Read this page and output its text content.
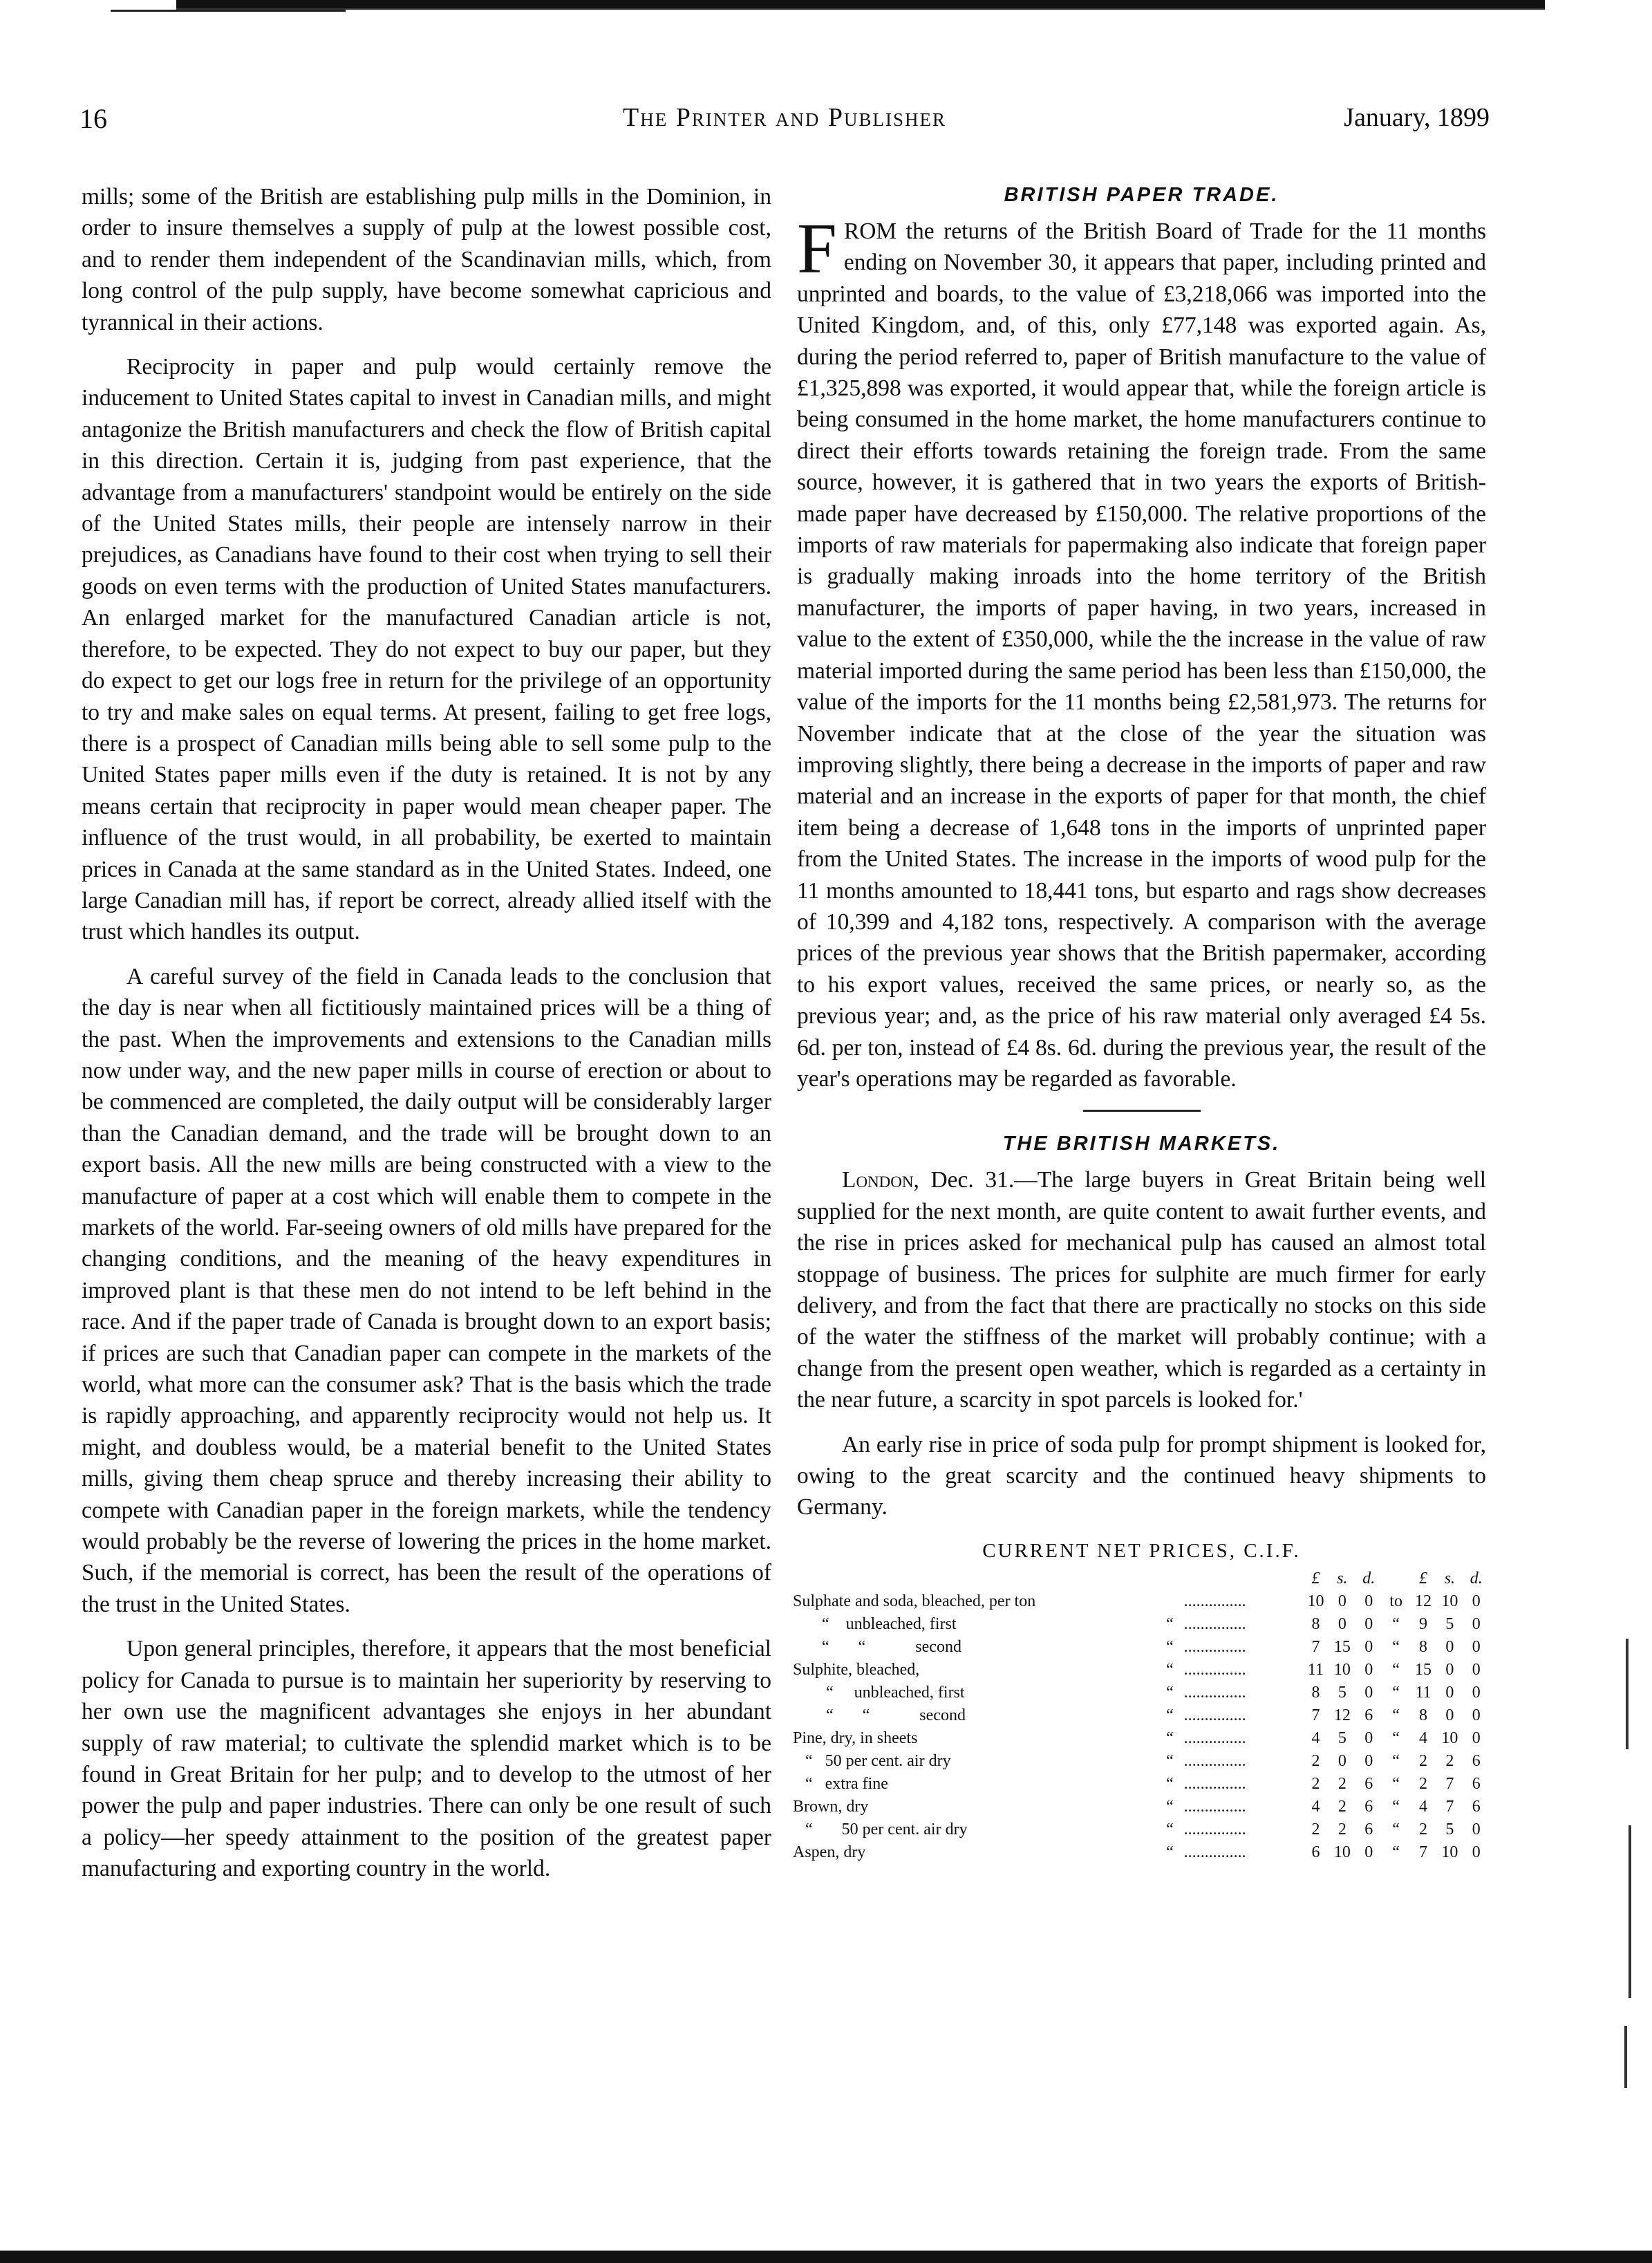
16	The Printer and Publisher	January, 1899

mills; some of the British are establishing pulp mills in the Dominion, in order to insure themselves a supply of pulp at the lowest possible cost, and to render them independent of the Scandinavian mills, which, from long control of the pulp supply, have become somewhat capricious and tyrannical in their actions.

Reciprocity in paper and pulp would certainly remove the inducement to United States capital to invest in Canadian mills, and might antagonize the British manufacturers and check the flow of British capital in this direction. Certain it is, judging from past experience, that the advantage from a manufacturers' standpoint would be entirely on the side of the United States mills, their people are intensely narrow in their prejudices, as Canadians have found to their cost when trying to sell their goods on even terms with the production of United States manufacturers. An enlarged market for the manufactured Canadian article is not, therefore, to be expected. They do not expect to buy our paper, but they do expect to get our logs free in return for the privilege of an opportunity to try and make sales on equal terms. At present, failing to get free logs, there is a prospect of Canadian mills being able to sell some pulp to the United States paper mills even if the duty is retained. It is not by any means certain that reciprocity in paper would mean cheaper paper. The influence of the trust would, in all probability, be exerted to maintain prices in Canada at the same standard as in the United States. Indeed, one large Canadian mill has, if report be correct, already allied itself with the trust which handles its output.

A careful survey of the field in Canada leads to the conclusion that the day is near when all fictitiously maintained prices will be a thing of the past. When the improvements and extensions to the Canadian mills now under way, and the new paper mills in course of erection or about to be commenced are completed, the daily output will be considerably larger than the Canadian demand, and the trade will be brought down to an export basis. All the new mills are being constructed with a view to the manufacture of paper at a cost which will enable them to compete in the markets of the world. Far-seeing owners of old mills have prepared for the changing conditions, and the meaning of the heavy expenditures in improved plant is that these men do not intend to be left behind in the race. And if the paper trade of Canada is brought down to an export basis; if prices are such that Canadian paper can compete in the markets of the world, what more can the consumer ask? That is the basis which the trade is rapidly approaching, and apparently reciprocity would not help us. It might, and doubless would, be a material benefit to the United States mills, giving them cheap spruce and thereby increasing their ability to compete with Canadian paper in the foreign markets, while the tendency would probably be the reverse of lowering the prices in the home market. Such, if the memorial is correct, has been the result of the operations of the trust in the United States.

Upon general principles, therefore, it appears that the most beneficial policy for Canada to pursue is to maintain her superiority by reserving to her own use the magnificent advantages she enjoys in her abundant supply of raw material; to cultivate the splendid market which is to be found in Great Britain for her pulp; and to develop to the utmost of her power the pulp and paper industries. There can only be one result of such a policy—her speedy attainment to the position of the greatest paper manufacturing and exporting country in the world.

BRITISH PAPER TRADE.

FROM the returns of the British Board of Trade for the 11 months ending on November 30, it appears that paper, including printed and unprinted and boards, to the value of £3,218,066 was imported into the United Kingdom, and, of this, only £77,148 was exported again. As, during the period referred to, paper of British manufacture to the value of £1,325,898 was exported, it would appear that, while the foreign article is being consumed in the home market, the home manufacturers continue to direct their efforts towards retaining the foreign trade. From the same source, however, it is gathered that in two years the exports of British-made paper have decreased by £150,000. The relative proportions of the imports of raw materials for papermaking also indicate that foreign paper is gradually making inroads into the home territory of the British manufacturer, the imports of paper having, in two years, increased in value to the extent of £350,000, while the the increase in the value of raw material imported during the same period has been less than £150,000, the value of the imports for the 11 months being £2,581,973. The returns for November indicate that at the close of the year the situation was improving slightly, there being a decrease in the imports of paper and raw material and an increase in the exports of paper for that month, the chief item being a decrease of 1,648 tons in the imports of unprinted paper from the United States. The increase in the imports of wood pulp for the 11 months amounted to 18,441 tons, but esparto and rags show decreases of 10,399 and 4,182 tons, respectively. A comparison with the average prices of the previous year shows that the British papermaker, according to his export values, received the same prices, or nearly so, as the previous year; and, as the price of his raw material only averaged £4 5s. 6d. per ton, instead of £4 8s. 6d. during the previous year, the result of the year's operations may be regarded as favorable.

THE BRITISH MARKETS.

London, Dec. 31.—The large buyers in Great Britain being well supplied for the next month, are quite content to await further events, and the rise in prices asked for mechanical pulp has caused an almost total stoppage of business. The prices for sulphite are much firmer for early delivery, and from the fact that there are practically no stocks on this side of the water the stiffness of the market will probably continue; with a change from the present open weather, which is regarded as a certainty in the near future, a scarcity in spot parcels is looked for.'

An early rise in price of soda pulp for prompt shipment is looked for, owing to the great scarcity and the continued heavy shipments to Germany.

CURRENT NET PRICES, C.I.F.
			£	s.	d.		£	s.	d.
Sulphate and soda, bleached, per ton		...............	10	0	0	to	12	10	0
“    unbleached, first	“	...............	8	0	0	“	9	5	0
“       “            second	“	...............	7	15	0	“	8	0	0
Sulphite, bleached,	“	...............	11	10	0	“	15	0	0
“     unbleached, first	“	...............	8	5	0	“	11	0	0
“       “            second	“	...............	7	12	6	“	8	0	0
Pine, dry, in sheets	“	...............	4	5	0	“	4	10	0
“   50 per cent. air dry	“	...............	2	0	0	“	2	2	6
“   extra fine	“	...............	2	2	6	“	2	7	6
Brown, dry	“	...............	4	2	6	“	4	7	6
“       50 per cent. air dry	“	...............	2	2	6	“	2	5	0
Aspen, dry	“	...............	6	10	0	“	7	10	0
